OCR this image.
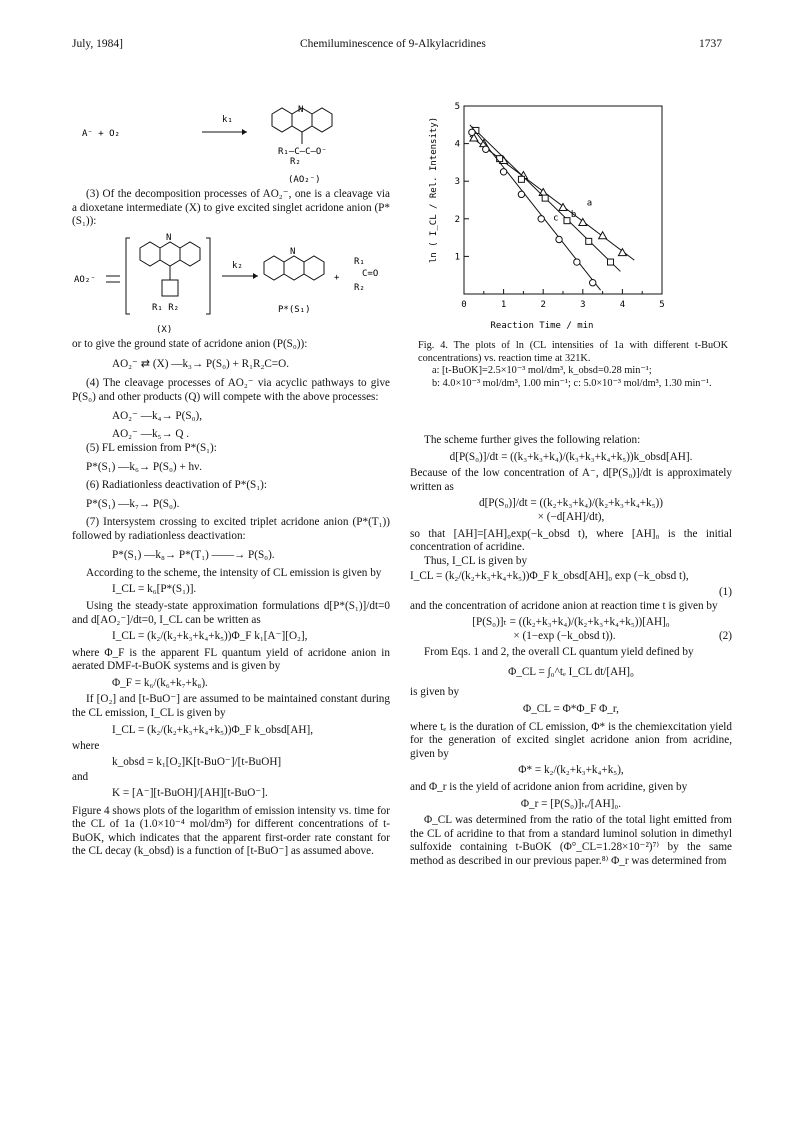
July, 1984]	Chemiluminescence of 9-Alkylacridines	1737
A⁻ + O₂
k₁
N
R₁–C–C–O⁻
R₂
(AO₂⁻)

(3) Of the decomposition processes of AO₂⁻, one is a cleavage via a dioxetane intermediate (X) to give excited singlet acridone anion (P*(S₁)):

AO₂⁻
N
R₁ R₂
(X)
k₂
N
P*(S₁)
+
R₁
C=O
R₂

or to give the ground state of acridone anion (P(S₀)):

AO₂⁻ ⇄ (X) —k₃→ P(S₀) + R₁R₂C=O.

(4) The cleavage processes of AO₂⁻ via acyclic pathways to give P(S₀) and other products (Q) will compete with the above processes:

AO₂⁻ —k₄→ P(S₀),

AO₂⁻ —k₅→ Q .

(5) FL emission from P*(S₁):

P*(S₁) —k₆→ P(S₀) + hν.

(6) Radiationless deactivation of P*(S₁):

P*(S₁) —k₇→ P(S₀).

(7) Intersystem crossing to excited triplet acridone anion (P*(T₁)) followed by radiationless deactivation:

P*(S₁) —k₈→ P*(T₁) ——→ P(S₀).

According to the scheme, the intensity of CL emission is given by

I_CL = k₆[P*(S₁)].

Using the steady-state approximation formulations d[P*(S₁)]/dt=0 and d[AO₂⁻]/dt=0, I_CL can be written as

I_CL = (k₂/(k₂+k₃+k₄+k₅))Φ_F k₁[A⁻][O₂],

where Φ_F is the apparent FL quantum yield of acridone anion in aerated DMF-t-BuOK systems and is given by

Φ_F = k₆/(k₆+k₇+k₈).

If [O₂] and [t-BuO⁻] are assumed to be maintained constant during the CL emission, I_CL is given by

I_CL = (k₂/(k₂+k₃+k₄+k₅))Φ_F k_obsd[AH],

where

k_obsd = k₁[O₂]K[t-BuO⁻]/[t-BuOH]

and

K = [A⁻][t-BuOH]/[AH][t-BuO⁻].

Figure 4 shows plots of the logarithm of emission intensity vs. time for the CL of 1a (1.0×10⁻⁴ mol/dm³) for different concentrations of t-BuOK, which indicates that the apparent first-order rate constant for the CL decay (k_obsd) is a function of [t-BuO⁻] as assumed above.

0	1	2	3	4	5
1
2
3
4
5
a
b
c
Reaction Time / min
ln ( I_CL / Rel. Intensity)

Fig. 4. The plots of ln (CL intensities of 1a with different t-BuOK concentrations) vs. reaction time at 321K.

a: [t-BuOK]=2.5×10⁻³ mol/dm³, k_obsd=0.28 min⁻¹;

b: 4.0×10⁻³ mol/dm³, 1.00 min⁻¹; c: 5.0×10⁻³ mol/dm³, 1.30 min⁻¹.

The scheme further gives the following relation:

d[P(S₀)]/dt = ((k₃+k₃+k₄)/(k₃+k₃+k₄+k₅))k_obsd[AH].

Because of the low concentration of A⁻, d[P(S₀)]/dt is approximately written as

d[P(S₀)]/dt = ((k₂+k₃+k₄)/(k₂+k₃+k₄+k₅))

× (−d[AH]/dt),

so that [AH]=[AH]₀exp(−k_obsd t), where [AH]₀ is the initial concentration of acridine.

Thus, I_CL is given by

I_CL = (k₂/(k₂+k₃+k₄+k₅))Φ_F k_obsd[AH]₀ exp (−k_obsd t),

(1)

and the concentration of acridone anion at reaction time t is given by

[P(S₀)]ₜ = ((k₂+k₃+k₄)/(k₂+k₃+k₄+k₅))[AH]₀

× (1−exp (−k_obsd t)).	(2)

From Eqs. 1 and 2, the overall CL quantum yield defined by

Φ_CL = ∫₀^tₑ I_CL dt/[AH]₀

is given by

Φ_CL = Φ*Φ_F Φ_r,

where tₑ is the duration of CL emission, Φ* is the chemiexcitation yield for the generation of excited singlet acridone anion from acridine, given by

Φ* = k₂/(k₂+k₃+k₄+k₅),

and Φ_r is the yield of acridone anion from acridine, given by

Φ_r = [P(S₀)]ₜₑ/[AH]₀.

Φ_CL was determined from the ratio of the total light emitted from the CL of acridine to that from a standard luminol solution in dimethyl sulfoxide containing t-BuOK (Φ°_CL=1.28×10⁻²)⁷⁾ by the same method as described in our previous paper.⁸⁾ Φ_r was determined from
